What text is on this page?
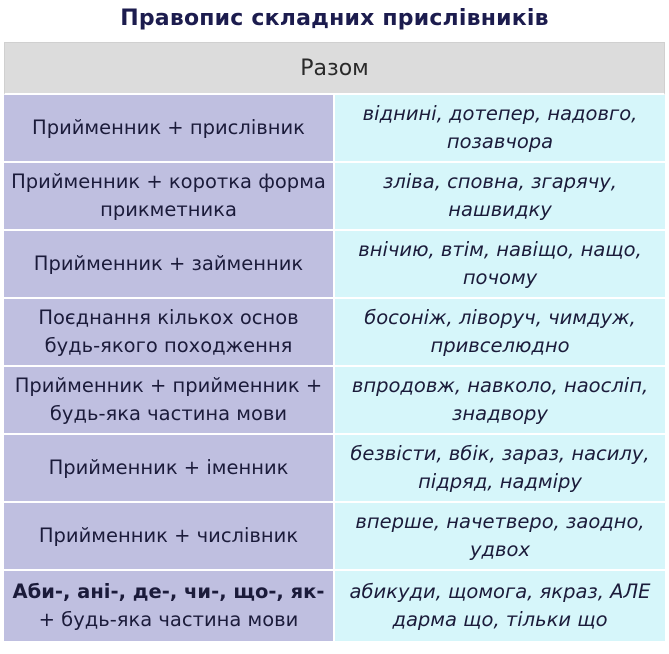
Правопис складних прислівників
Разом	
Прийменник + прислівник	віднині, дотепер, надовго, позавчора
Прийменник + коротка форма прикметника	зліва, сповна, згарячу, нашвидку
Прийменник + займенник	внічию, втім, навіщо, нащо, почому
Поєднання кількох основ будь-якого походження	босоніж, ліворуч, чимдуж, привселюдно
Прийменник + прийменник + будь-яка частина мови	впродовж, навколо, наосліп, знадвору
Прийменник + іменник	безвісти, вбік, зараз, насилу, підряд, надміру
Прийменник + числівник	вперше, начетверо, заодно, удвох
Аби-, ані-, де-, чи-, що-, як- + будь-яка частина мови	абикуди, щомога, якраз, АЛЕ дарма що, тільки що
